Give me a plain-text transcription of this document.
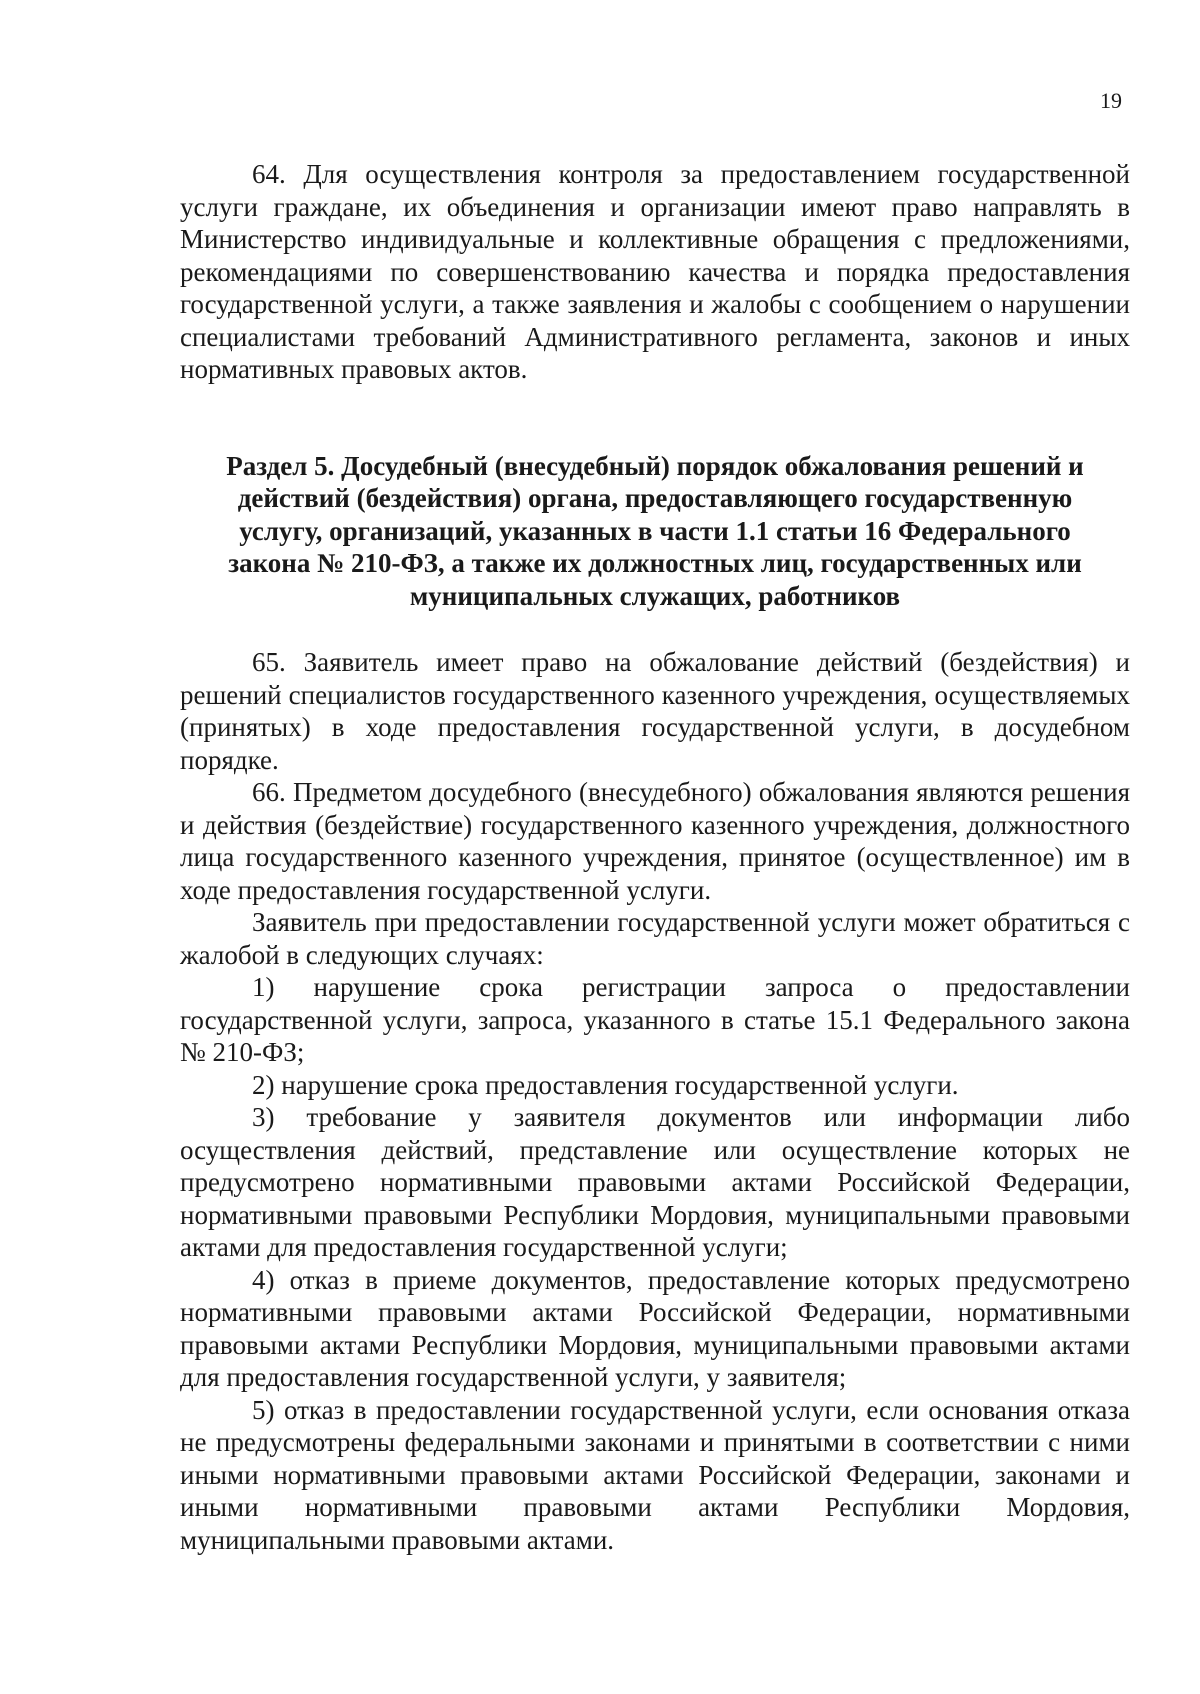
19

64. Для осуществления контроля за предоставлением государственной услуги граждане, их объединения и организации имеют право направлять в Министерство индивидуальные и коллективные обращения с предложениями, рекомендациями по совершенствованию качества и порядка предоставления государственной услуги, а также заявления и жалобы с сообщением о нарушении специалистами требований Административного регламента, законов и иных нормативных правовых актов.

Раздел 5. Досудебный (внесудебный) порядок обжалования решений и

действий (бездействия) органа, предоставляющего государственную

услугу, организаций, указанных в части 1.1 статьи 16 Федерального

закона № 210-ФЗ, а также их должностных лиц, государственных или

муниципальных служащих, работников

65. Заявитель имеет право на обжалование действий (бездействия) и решений специалистов государственного казенного учреждения, осуществляемых (принятых) в ходе предоставления государственной услуги, в досудебном порядке.

66. Предметом досудебного (внесудебного) обжалования являются решения и действия (бездействие) государственного казенного учреждения, должностного лица государственного казенного учреждения, принятое (осуществленное) им в ходе предоставления государственной услуги.

Заявитель при предоставлении государственной услуги может обратиться с жалобой в следующих случаях:

1) нарушение срока регистрации запроса о предоставлении государственной услуги, запроса, указанного в статье 15.1 Федерального закона № 210-ФЗ;

2) нарушение срока предоставления государственной услуги.

3) требование у заявителя документов или информации либо осуществления действий, представление или осуществление которых не предусмотрено нормативными правовыми актами Российской Федерации, нормативными правовыми Республики Мордовия, муниципальными правовыми актами для предоставления государственной услуги;

4) отказ в приеме документов, предоставление которых предусмотрено нормативными правовыми актами Российской Федерации, нормативными правовыми актами Республики Мордовия, муниципальными правовыми актами для предоставления государственной услуги, у заявителя;

5) отказ в предоставлении государственной услуги, если основания отказа не предусмотрены федеральными законами и принятыми в соответствии с ними иными нормативными правовыми актами Российской Федерации, законами и иными нормативными правовыми актами Республики Мордовия, муниципальными правовыми актами.
